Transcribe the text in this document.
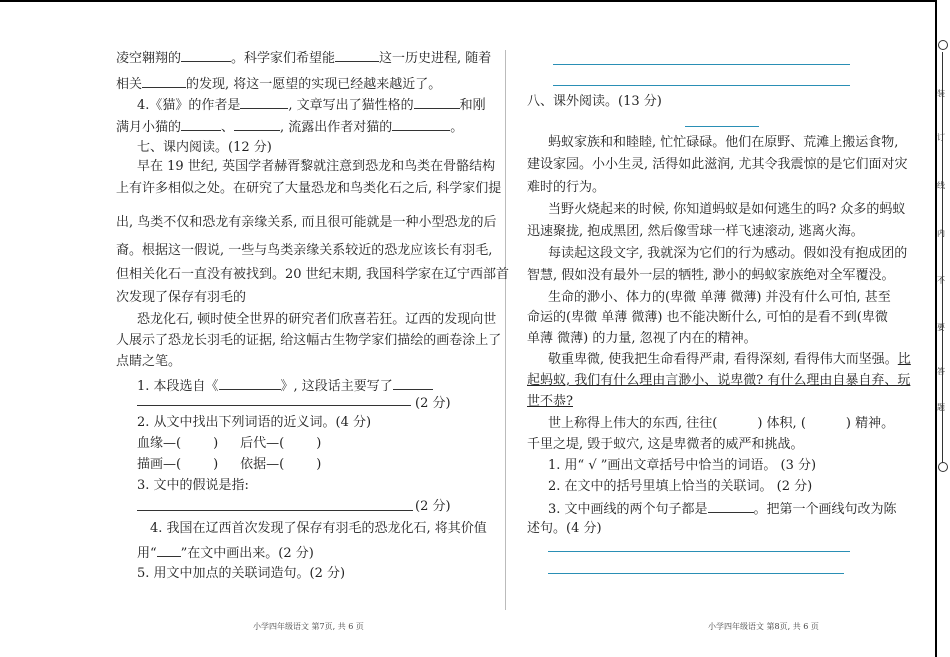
装
订
线
内
不
要
答
题
凌空翱翔的	。科学家们希望能	这一历史进程, 随着
相关	的发现, 将这一愿望的实现已经越来越近了。
4.《猫》的作者是	, 文章写出了猫性格的	和刚
满月小猫的	、	, 流露出作者对猫的	。
七、课内阅读。(12 分)
早在 19 世纪, 英国学者赫胥黎就注意到恐龙和鸟类在骨骼结构
上有许多相似之处。在研究了大量恐龙和鸟类化石之后, 科学家们提
出, 鸟类不仅和恐龙有亲缘关系, 而且很可能就是一种小型恐龙的后
裔。根据这一假说, 一些与鸟类亲缘关系较近的恐龙应该长有羽毛,
但相关化石一直没有被找到。20 世纪末期, 我国科学家在辽宁西部首
次发现了保存有羽毛的
恐龙化石, 顿时使全世界的研究者们欣喜若狂。辽西的发现向世
人展示了恐龙长羽毛的证据, 给这幅古生物学家们描绘的画卷涂上了
点睛之笔。
1. 本段选自《	》, 这段话主要写了
(2 分)
2. 从文中找出下列词语的近义词。(4 分)
血缘—( ) 后代—( )
描画—( ) 依据—( )
3. 文中的假说是指:
(2 分)
4. 我国在辽西首次发现了保存有羽毛的恐龙化石, 将其价值
用“ ”在文中画出来。(2 分)
5. 用文中加点的关联词造句。(2 分)
小学四年级语文 第7页, 共 6 页
八、课外阅读。(13 分)
蚂蚁家族和和睦睦, 忙忙碌碌。他们在原野、荒滩上搬运食物,
建设家园。小小生灵, 活得如此滋润, 尤其令我震惊的是它们面对灾
难时的行为。
当野火烧起来的时候, 你知道蚂蚁是如何逃生的吗? 众多的蚂蚁
迅速聚拢, 抱成黑团, 然后像雪球一样飞速滚动, 逃离火海。
每读起这段文字, 我就深为它们的行为感动。假如没有抱成团的
智慧, 假如没有最外一层的牺牲, 渺小的蚂蚁家族绝对全军覆没。
生命的渺小、体力的(卑微 单薄 微薄) 并没有什么可怕, 甚至
命运的(卑微 单薄 微薄) 也不能决断什么, 可怕的是看不到(卑微
单薄 微薄) 的力量, 忽视了内在的精神。
敬重卑微, 使我把生命看得严肃, 看得深刻, 看得伟大而坚强。比
起蚂蚁, 我们有什么理由言渺小、说卑微? 有什么理由自暴自弃、玩
世不恭?
世上称得上伟大的东西, 往往(	) 体积, (	) 精神。
千里之堤, 毁于蚁穴, 这是卑微者的威严和挑战。
1. 用“ √ ”画出文章括号中恰当的词语。 (3 分)
2. 在文中的括号里填上恰当的关联词。 (2 分)
3. 文中画线的两个句子都是	。把第一个画线句改为陈
述句。(4 分)
小学四年级语文 第8页, 共 6 页
